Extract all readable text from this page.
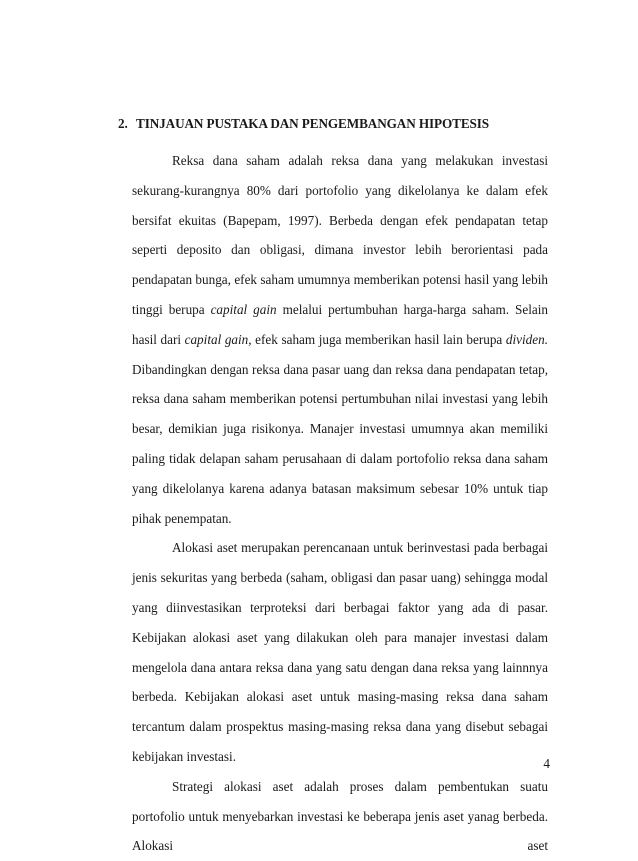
2. TINJAUAN PUSTAKA DAN PENGEMBANGAN HIPOTESIS

Reksa dana saham adalah reksa dana yang melakukan investasi sekurang-kurangnya 80% dari portofolio yang dikelolanya ke dalam efek bersifat ekuitas (Bapepam, 1997). Berbeda dengan efek pendapatan tetap seperti deposito dan obligasi, dimana investor lebih berorientasi pada pendapatan bunga, efek saham umumnya memberikan potensi hasil yang lebih tinggi berupa capital gain melalui pertumbuhan harga-harga saham. Selain hasil dari capital gain, efek saham juga memberikan hasil lain berupa dividen. Dibandingkan dengan reksa dana pasar uang dan reksa dana pendapatan tetap, reksa dana saham memberikan potensi pertumbuhan nilai investasi yang lebih besar, demikian juga risikonya. Manajer investasi umumnya akan memiliki paling tidak delapan saham perusahaan di dalam portofolio reksa dana saham yang dikelolanya karena adanya batasan maksimum sebesar 10% untuk tiap pihak penempatan.

Alokasi aset merupakan perencanaan untuk berinvestasi pada berbagai jenis sekuritas yang berbeda (saham, obligasi dan pasar uang) sehingga modal yang diinvestasikan terproteksi dari berbagai faktor yang ada di pasar. Kebijakan alokasi aset yang dilakukan oleh para manajer investasi dalam mengelola dana antara reksa dana yang satu dengan dana reksa yang lainnnya berbeda. Kebijakan alokasi aset untuk masing-masing reksa dana saham tercantum dalam prospektus masing-masing reksa dana yang disebut sebagai kebijakan investasi.

Strategi alokasi aset adalah proses dalam pembentukan suatu portofolio untuk menyebarkan investasi ke beberapa jenis aset yanag berbeda. Alokasi aset

4
